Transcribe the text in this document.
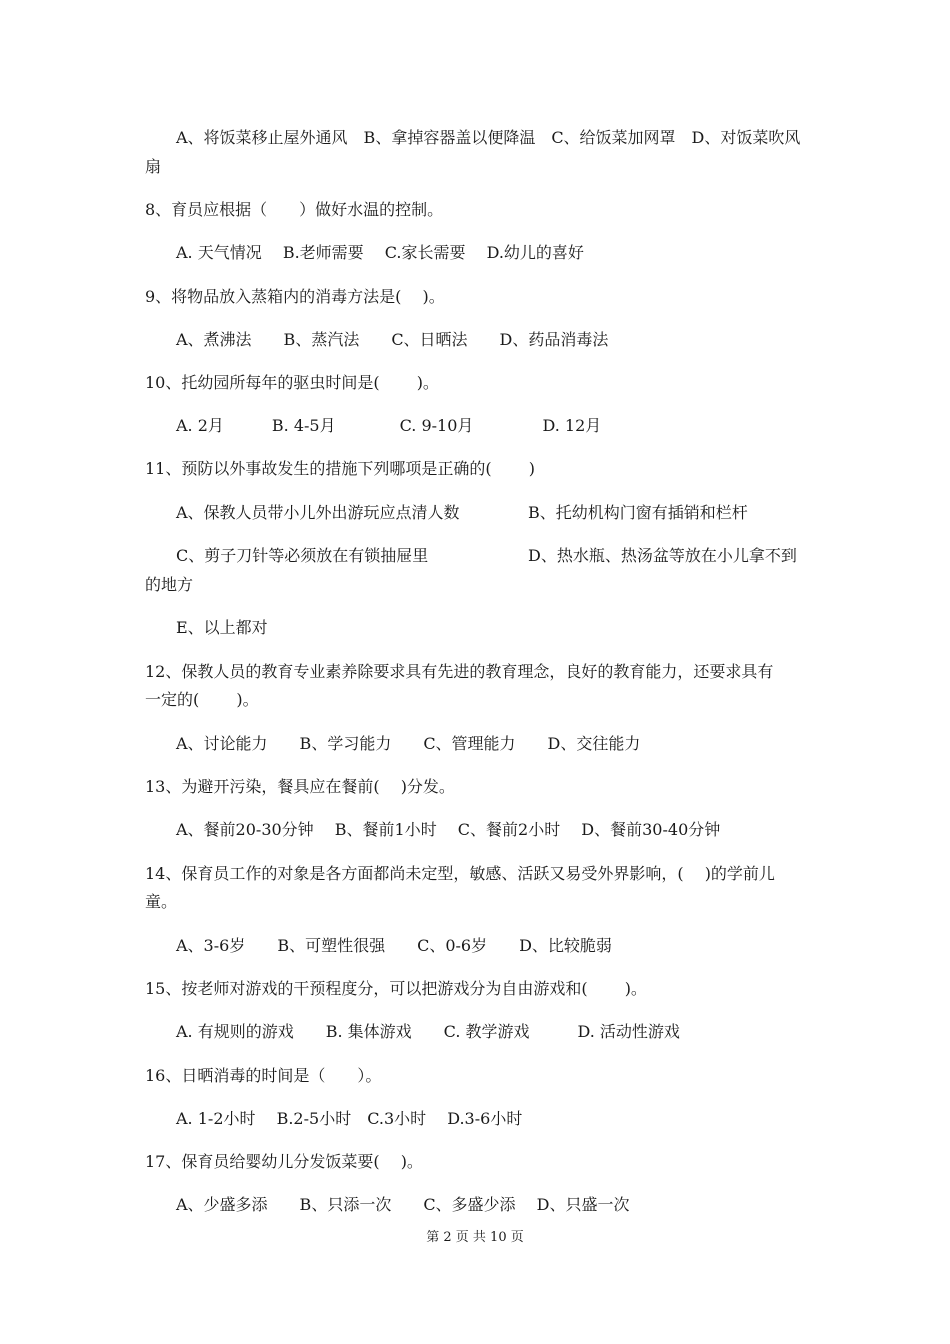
A、将饭菜移止屋外通风　B、拿掉容器盖以便降温　C、给饭菜加网罩　D、对饭菜吹风

扇

8、育员应根据（　　）做好水温的控制。

A. 天气情况　 B.老师需要　 C.家长需要　 D.幼儿的喜好

9、将物品放入蒸箱内的消毒方法是(　 )。

A、煮沸法　　B、蒸汽法　　C、日晒法　　D、药品消毒法

10、托幼园所每年的驱虫时间是(　　 )。

A. 2月　　　B. 4-5月　　　　C. 9-10月　　　　 D. 12月

11、预防以外事故发生的措施下列哪项是正确的(　　 )

A、保教人员带小儿外出游玩应点清人数	B、托幼机构门窗有插销和栏杆

C、剪子刀针等必须放在有锁抽屉里	D、热水瓶、热汤盆等放在小儿拿不到

的地方

E、以上都对

12、保教人员的教育专业素养除要求具有先进的教育理念，良好的教育能力，还要求具有

一定的(　　 )。

A、讨论能力　　B、学习能力　　C、管理能力　　D、交往能力

13、为避开污染，餐具应在餐前(　 )分发。

A、餐前20-30分钟　 B、餐前1小时　 C、餐前2小时　 D、餐前30-40分钟

14、保育员工作的对象是各方面都尚未定型，敏感、活跃又易受外界影响，(　 )的学前儿

童。

A、3-6岁　　B、可塑性很强　　C、0-6岁　　D、比较脆弱

15、按老师对游戏的干预程度分，可以把游戏分为自由游戏和(　　 )。

A. 有规则的游戏　　B. 集体游戏　　C. 教学游戏　　　D. 活动性游戏

16、日晒消毒的时间是（　　）。

A. 1-2小时　 B.2-5小时　C.3小时　 D.3-6小时

17、保育员给婴幼儿分发饭菜要(　 )。

A、少盛多添　　B、只添一次　　C、多盛少添　 D、只盛一次

第 2 页 共 10 页
